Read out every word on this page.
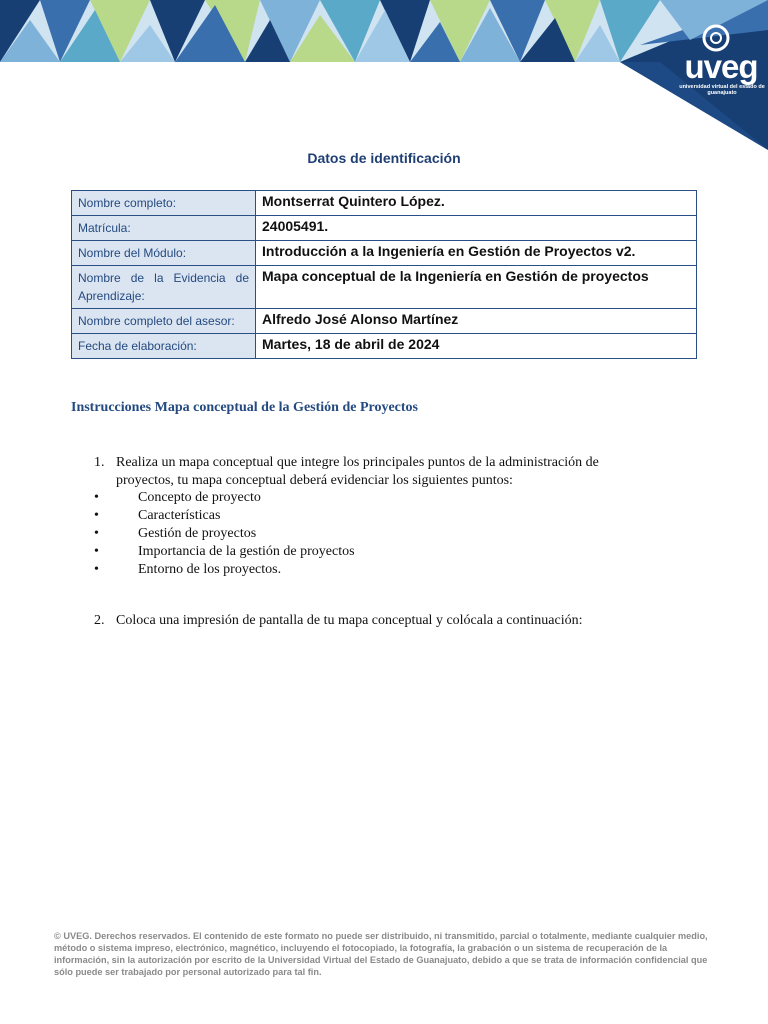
uveg
universidad virtual del estado de guanajuato
Datos de identificación
Nombre completo:	Montserrat Quintero López.
Matrícula:	24005491.
Nombre del Módulo:	Introducción a la Ingeniería en Gestión de Proyectos v2.
Nombre de la Evidencia de Aprendizaje:	Mapa conceptual de la Ingeniería en Gestión de proyectos
Nombre completo del asesor:	Alfredo José Alonso Martínez
Fecha de elaboración:	Martes, 18 de abril de 2024
Instrucciones Mapa conceptual de la Gestión de Proyectos
1. Realiza un mapa conceptual que integre los principales puntos de la administración de proyectos, tu mapa conceptual deberá evidenciar los siguientes puntos:
•	Concepto de proyecto
•	Características
•	Gestión de proyectos
•	Importancia de la gestión de proyectos
•	Entorno de los proyectos.
2. Coloca una impresión de pantalla de tu mapa conceptual y colócala a continuación:
© UVEG. Derechos reservados. El contenido de este formato no puede ser distribuido, ni transmitido, parcial o totalmente, mediante cualquier medio, método o sistema impreso, electrónico, magnético, incluyendo el fotocopiado, la fotografía, la grabación o un sistema de recuperación de la información, sin la autorización por escrito de la Universidad Virtual del Estado de Guanajuato, debido a que se trata de información confidencial que sólo puede ser trabajado por personal autorizado para tal fin.
